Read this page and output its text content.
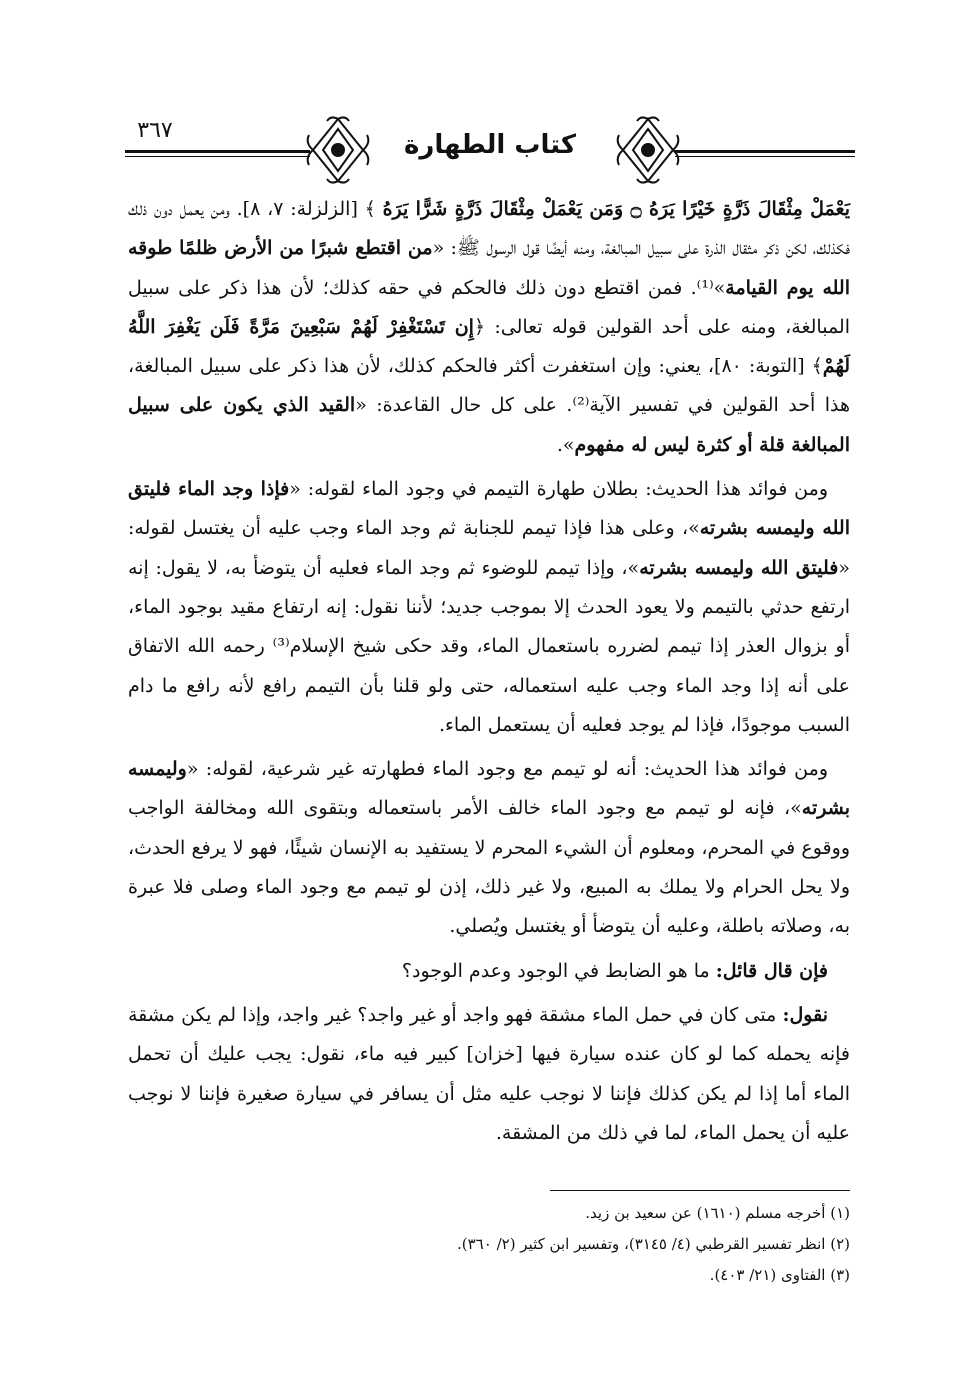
كتاب الطهارة
٣٦٧

يَعْمَلْ مِثْقَالَ ذَرَّةٍ خَيْرًا يَرَهُ ۝ وَمَن يَعْمَلْ مِثْقَالَ ذَرَّةٍ شَرًّا يَرَهُ ﴾ [الزلزلة: ٧، ٨]. ومن يعمل دون ذلك فكذلك، لكن ذكر مثقال الذرة على سبيل المبالغة، ومنه أيضًا قول الرسول ﷺ: «من اقتطع شبرًا من الأرض ظلمًا طوقه الله يوم القيامة»⁽¹⁾. فمن اقتطع دون ذلك فالحكم في حقه كذلك؛ لأن هذا ذكر على سبيل المبالغة، ومنه على أحد القولين قوله تعالى: ﴿إِن تَسْتَغْفِرْ لَهُمْ سَبْعِينَ مَرَّةً فَلَن يَغْفِرَ اللَّهُ لَهُمْ﴾ [التوبة: ٨٠]، يعني: وإن استغفرت أكثر فالحكم كذلك، لأن هذا ذكر على سبيل المبالغة، هذا أحد القولين في تفسير الآية⁽²⁾. على كل حال القاعدة: «القيد الذي يكون على سبيل المبالغة قلة أو كثرة ليس له مفهوم».

ومن فوائد هذا الحديث: بطلان طهارة التيمم في وجود الماء لقوله: «فإذا وجد الماء فليتق الله وليمسه بشرته»، وعلى هذا فإذا تيمم للجنابة ثم وجد الماء وجب عليه أن يغتسل لقوله: «فليتق الله وليمسه بشرته»، وإذا تيمم للوضوء ثم وجد الماء فعليه أن يتوضأ به، لا يقول: إنه ارتفع حدثي بالتيمم ولا يعود الحدث إلا بموجب جديد؛ لأننا نقول: إنه ارتفاع مقيد بوجود الماء، أو بزوال العذر إذا تيمم لضرره باستعمال الماء، وقد حكى شيخ الإسلام⁽³⁾ رحمه الله الاتفاق على أنه إذا وجد الماء وجب عليه استعماله، حتى ولو قلنا بأن التيمم رافع لأنه رافع ما دام السبب موجودًا، فإذا لم يوجد فعليه أن يستعمل الماء.

ومن فوائد هذا الحديث: أنه لو تيمم مع وجود الماء فطهارته غير شرعية، لقوله: «وليمسه بشرته»، فإنه لو تيمم مع وجود الماء خالف الأمر باستعماله وبتقوى الله ومخالفة الواجب ووقوع في المحرم، ومعلوم أن الشيء المحرم لا يستفيد به الإنسان شيئًا، فهو لا يرفع الحدث، ولا يحل الحرام ولا يملك به المبيع، ولا غير ذلك، إذن لو تيمم مع وجود الماء وصلى فلا عبرة به، وصلاته باطلة، وعليه أن يتوضأ أو يغتسل ويُصلي.

فإن قال قائل: ما هو الضابط في الوجود وعدم الوجود؟

نقول: متى كان في حمل الماء مشقة فهو واجد أو غير واجد؟ غير واجد، وإذا لم يكن مشقة فإنه يحمله كما لو كان عنده سيارة فيها [خزان] كبير فيه ماء، نقول: يجب عليك أن تحمل الماء أما إذا لم يكن كذلك فإننا لا نوجب عليه مثل أن يسافر في سيارة صغيرة فإننا لا نوجب عليه أن يحمل الماء، لما في ذلك من المشقة.

(١) أخرجه مسلم (١٦١٠) عن سعيد بن زيد.
(٢) انظر تفسير القرطبي (٤/ ٣١٤٥)، وتفسير ابن كثير (٢/ ٣٦٠).
(٣) الفتاوى (٢١/ ٤٠٣).
